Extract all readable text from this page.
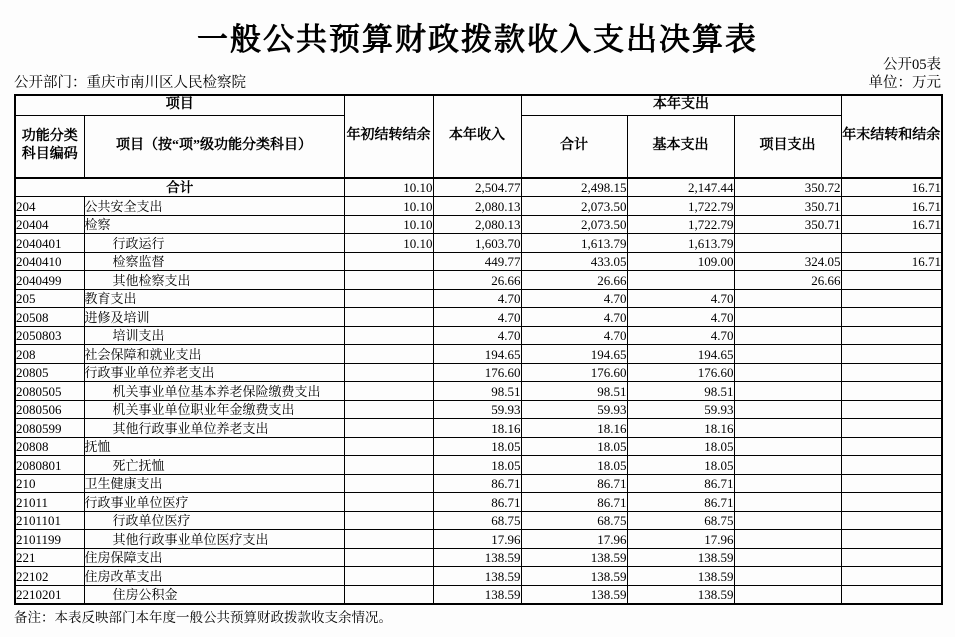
一般公共预算财政拨款收入支出决算表
公开05表
公开部门：重庆市南川区人民检察院	单位：万元
项目		年初结转结余	本年收入	本年支出			年末结转和结余
功能分类科目编码	项目（按“项”级功能分类科目）			合计	基本支出	项目支出	
合计		10.10	2,504.77	2,498.15	2,147.44	350.72	16.71
204	公共安全支出	10.10	2,080.13	2,073.50	1,722.79	350.71	16.71
20404	检察	10.10	2,080.13	2,073.50	1,722.79	350.71	16.71
2040401	行政运行	10.10	1,603.70	1,613.79	1,613.79		
2040410	检察监督		449.77	433.05	109.00	324.05	16.71
2040499	其他检察支出		26.66	26.66		26.66	
205	教育支出		4.70	4.70	4.70		
20508	进修及培训		4.70	4.70	4.70		
2050803	培训支出		4.70	4.70	4.70		
208	社会保障和就业支出		194.65	194.65	194.65		
20805	行政事业单位养老支出		176.60	176.60	176.60		
2080505	机关事业单位基本养老保险缴费支出		98.51	98.51	98.51		
2080506	机关事业单位职业年金缴费支出		59.93	59.93	59.93		
2080599	其他行政事业单位养老支出		18.16	18.16	18.16		
20808	抚恤		18.05	18.05	18.05		
2080801	死亡抚恤		18.05	18.05	18.05		
210	卫生健康支出		86.71	86.71	86.71		
21011	行政事业单位医疗		86.71	86.71	86.71		
2101101	行政单位医疗		68.75	68.75	68.75		
2101199	其他行政事业单位医疗支出		17.96	17.96	17.96		
221	住房保障支出		138.59	138.59	138.59		
22102	住房改革支出		138.59	138.59	138.59		
2210201	住房公积金		138.59	138.59	138.59		
备注：本表反映部门本年度一般公共预算财政拨款收支余情况。
